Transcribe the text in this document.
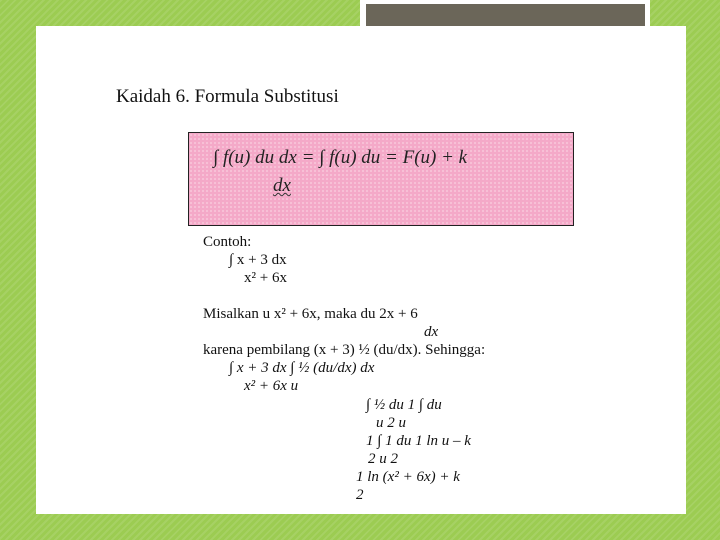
Kaidah 6. Formula Substitusi
∫ f(u) du dx = ∫ f(u) du = F(u) + k
dx
Contoh:
∫ x + 3 dx
x² + 6x
Misalkan u x² + 6x, maka du 2x + 6
dx
karena pembilang (x + 3) ½ (du/dx). Sehingga:
∫ x + 3 dx ∫ ½ (du/dx) dx
x² + 6x u
∫ ½ du 1 ∫ du
u 2 u
1 ∫ 1 du 1 ln u – k
2 u 2
1 ln (x² + 6x) + k
2
